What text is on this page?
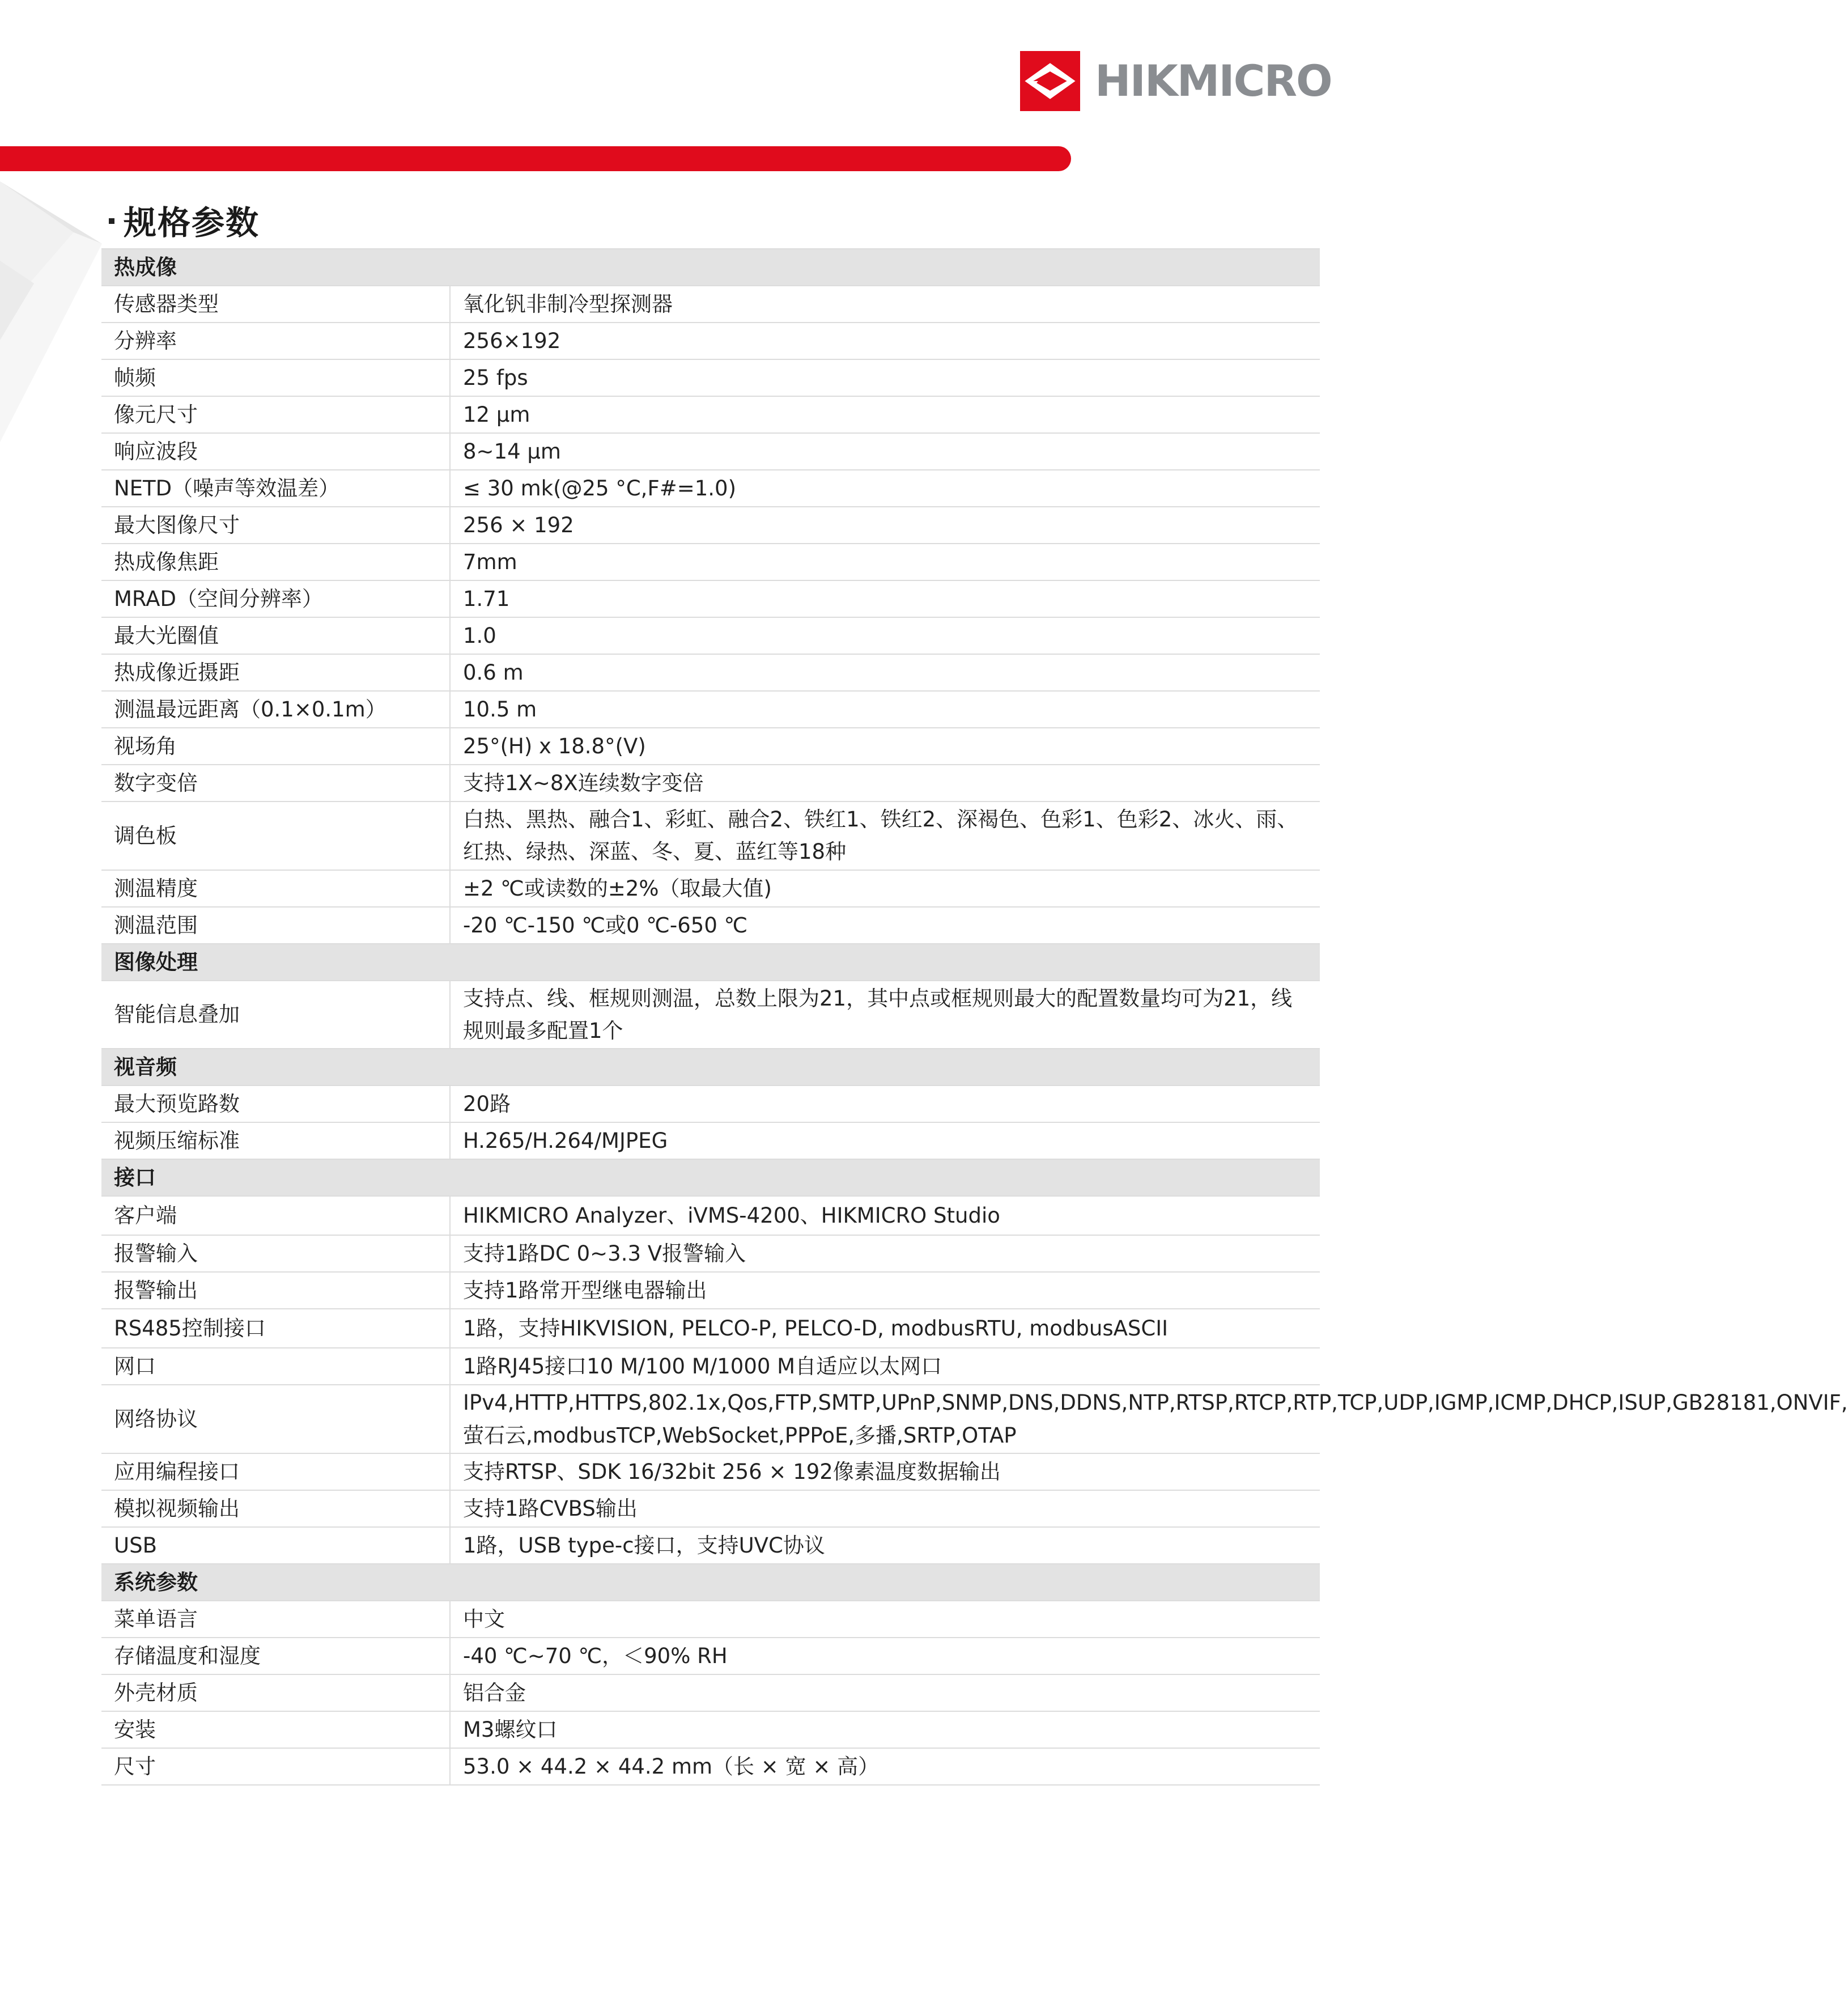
HIKMICRO
规格参数
热成像	
传感器类型	氧化钒非制冷型探测器
分辨率	256×192
帧频	25 fps
像元尺寸	12 μm
响应波段	8~14 μm
NETD（噪声等效温差）	≤ 30 mk(@25 °C,F#=1.0)
最大图像尺寸	256 × 192
热成像焦距	7mm
MRAD（空间分辨率）	1.71
最大光圈值	1.0
热成像近摄距	0.6 m
测温最远距离（0.1×0.1m）	10.5 m
视场角	25°(H) x 18.8°(V)
数字变倍	支持1X~8X连续数字变倍
调色板	白热、黑热、融合1、彩虹、融合2、铁红1、铁红2、深褐色、色彩1、色彩2、冰火、雨、红热、绿热、深蓝、冬、夏、蓝红等18种
测温精度	±2 ℃或读数的±2%（取最大值)
测温范围	-20 ℃-150 ℃或0 ℃-650 ℃
图像处理	
智能信息叠加	支持点、线、框规则测温，总数上限为21，其中点或框规则最大的配置数量均可为21，线规则最多配置1个
视音频	
最大预览路数	20路
视频压缩标准	H.265/H.264/MJPEG
接口	
客户端	HIKMICRO Analyzer、iVMS-4200、HIKMICRO Studio
报警输入	支持1路DC 0~3.3 V报警输入
报警输出	支持1路常开型继电器输出
RS485控制接口	1路，支持HIKVISION, PELCO-P, PELCO-D, modbusRTU, modbusASCII
网口	1路RJ45接口10 M/100 M/1000 M自适应以太网口
网络协议	IPv4,HTTP,HTTPS,802.1x,Qos,FTP,SMTP,UPnP,SNMP,DNS,DDNS,NTP,RTSP,RTCP,RTP,TCP,UDP,IGMP,ICMP,DHCP,ISUP,GB28181,ONVIF,萤石云,modbusTCP,WebSocket,PPPoE,多播,SRTP,OTAP
应用编程接口	支持RTSP、SDK 16/32bit 256 × 192像素温度数据输出
模拟视频输出	支持1路CVBS输出
USB	1路，USB type-c接口，支持UVC协议
系统参数	
菜单语言	中文
存储温度和湿度	-40 ℃~70 ℃，＜90% RH
外壳材质	铝合金
安装	M3螺纹口
尺寸	53.0 × 44.2 × 44.2 mm（长 × 宽 × 高）
